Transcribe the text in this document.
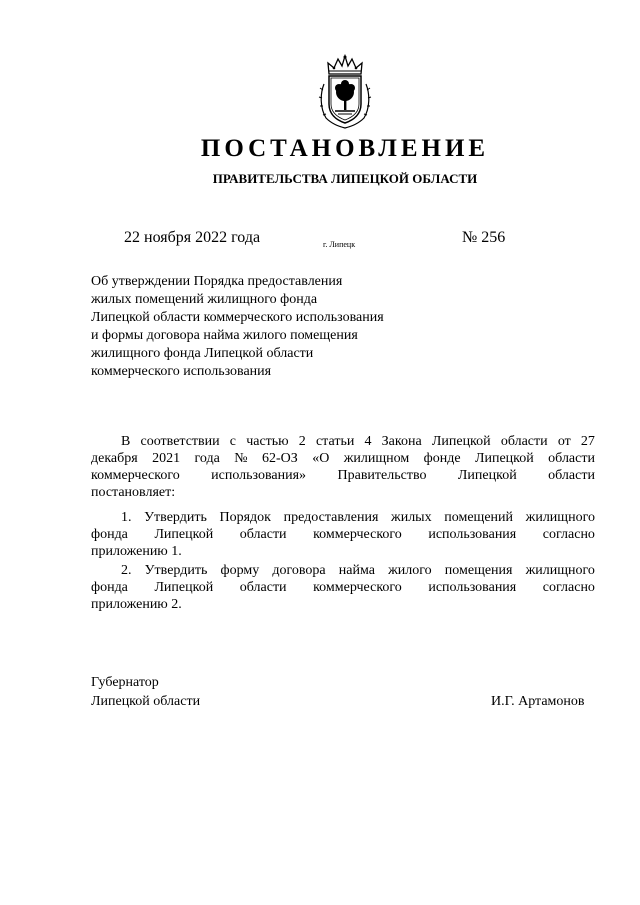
ПОСТАНОВЛЕНИЕ
ПРАВИТЕЛЬСТВА ЛИПЕЦКОЙ ОБЛАСТИ
22 ноября 2022 года	г. Липецк	№ 256
Об утверждении Порядка предоставления
жилых помещений жилищного фонда
Липецкой области коммерческого использования
и формы договора найма жилого помещения
жилищного фонда Липецкой области
коммерческого использования
В соответствии с частью 2 статьи 4 Закона Липецкой области от 27
декабря 2021 года № 62-ОЗ «О жилищном фонде Липецкой области
коммерческого использования» Правительство Липецкой области
постановляет:
1. Утвердить Порядок предоставления жилых помещений жилищного
фонда Липецкой области коммерческого использования согласно
приложению 1.
2. Утвердить форму договора найма жилого помещения жилищного
фонда Липецкой области коммерческого использования согласно
приложению 2.
Губернатор
Липецкой области	И.Г. Артамонов
